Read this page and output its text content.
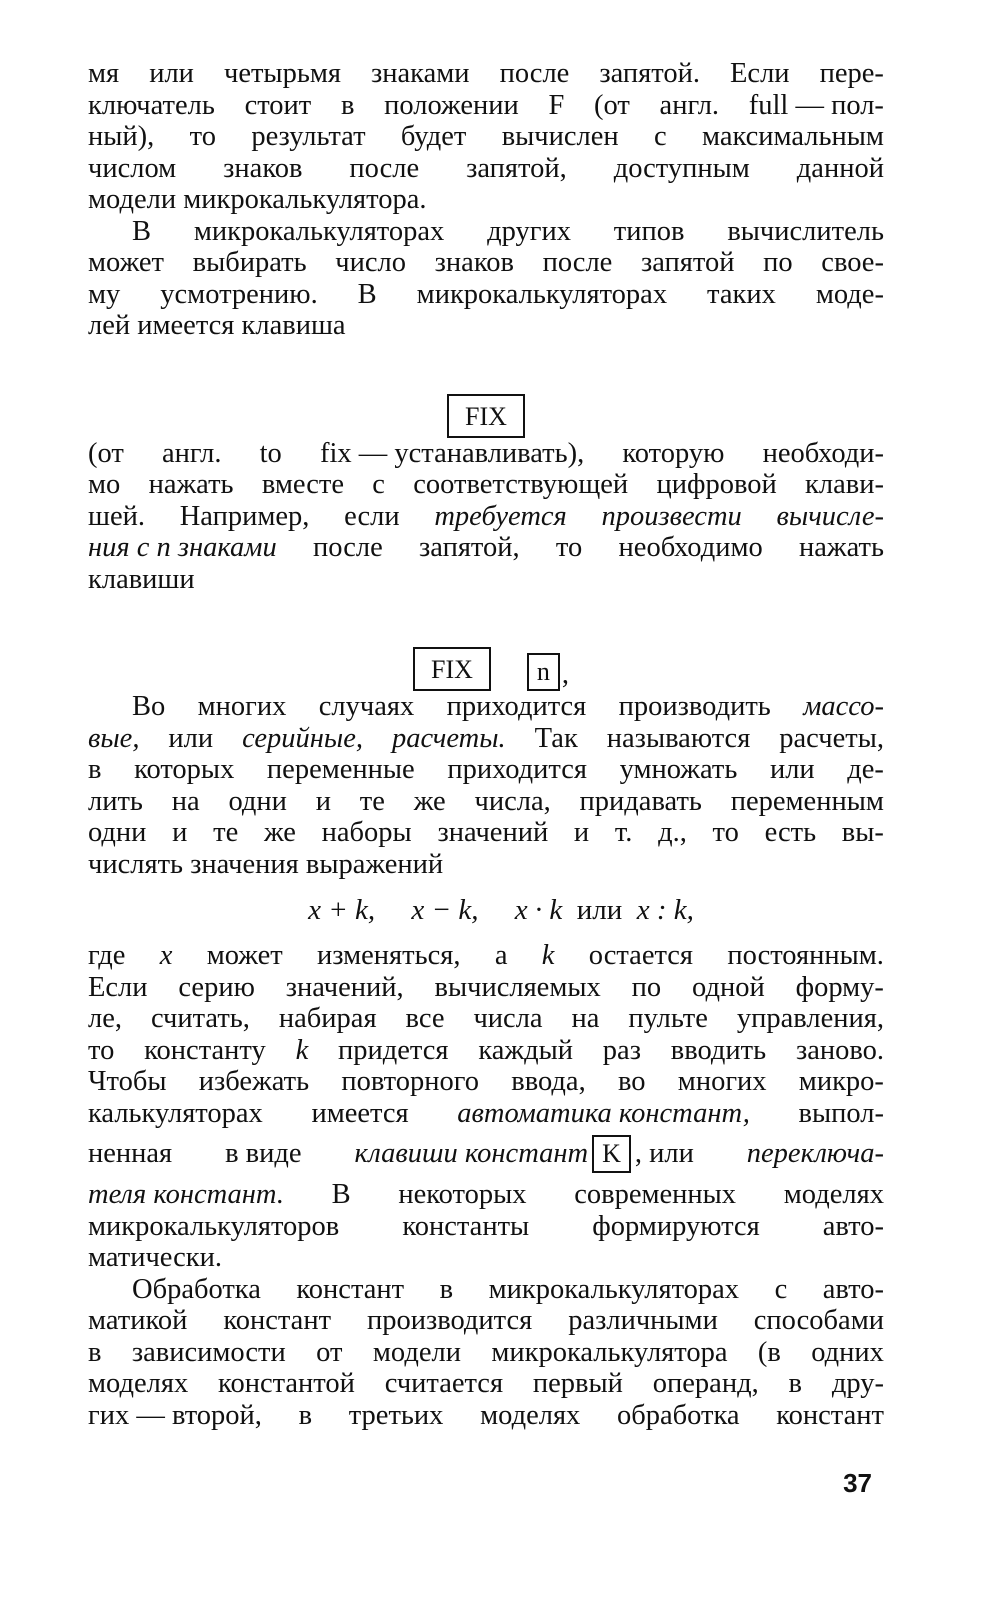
мя или четырьмя знаками после запятой. Если пере-
ключатель стоит в положении F (от англ. full — пол-
ный), то результат будет вычислен с максимальным
числом знаков после запятой, доступным данной
модели микрокалькулятора.
В микрокалькуляторах других типов вычислитель
может выбирать число знаков после запятой по свое-
му усмотрению. В микрокалькуляторах таких моде-
лей имеется клавиша
FIX
(от англ. to fix — устанавливать), которую необходи-
мо нажать вместе с соответствующей цифровой клави-
шей. Например, если требуется произвести вычисле-
ния с n знаками после запятой, то необходимо нажать
клавиши
FIX	n ,
Во многих случаях приходится производить массо-
вые, или серийные, расчеты. Так называются расчеты,
в которых переменные приходится умножать или де-
лить на одни и те же числа, придавать переменным
одни и те же наборы значений и т. д., то есть вы-
числять значения выражений
x + k, x − k, x · k или x : k,
где x может изменяться, а k остается постоянным.
Если серию значений, вычисляемых по одной форму-
ле, считать, набирая все числа на пульте управления,
то константу k придется каждый раз вводить заново.
Чтобы избежать повторного ввода, во многих микро-
калькуляторах имеется автоматика констант, выпол-
ненная в виде клавиши констант K , или переключа-
теля констант. В некоторых современных моделях
микрокалькуляторов константы формируются авто-
матически.
Обработка констант в микрокалькуляторах с авто-
матикой констант производится различными способами
в зависимости от модели микрокалькулятора (в одних
моделях константой считается первый операнд, в дру-
гих — второй, в третьих моделях обработка констант
37
